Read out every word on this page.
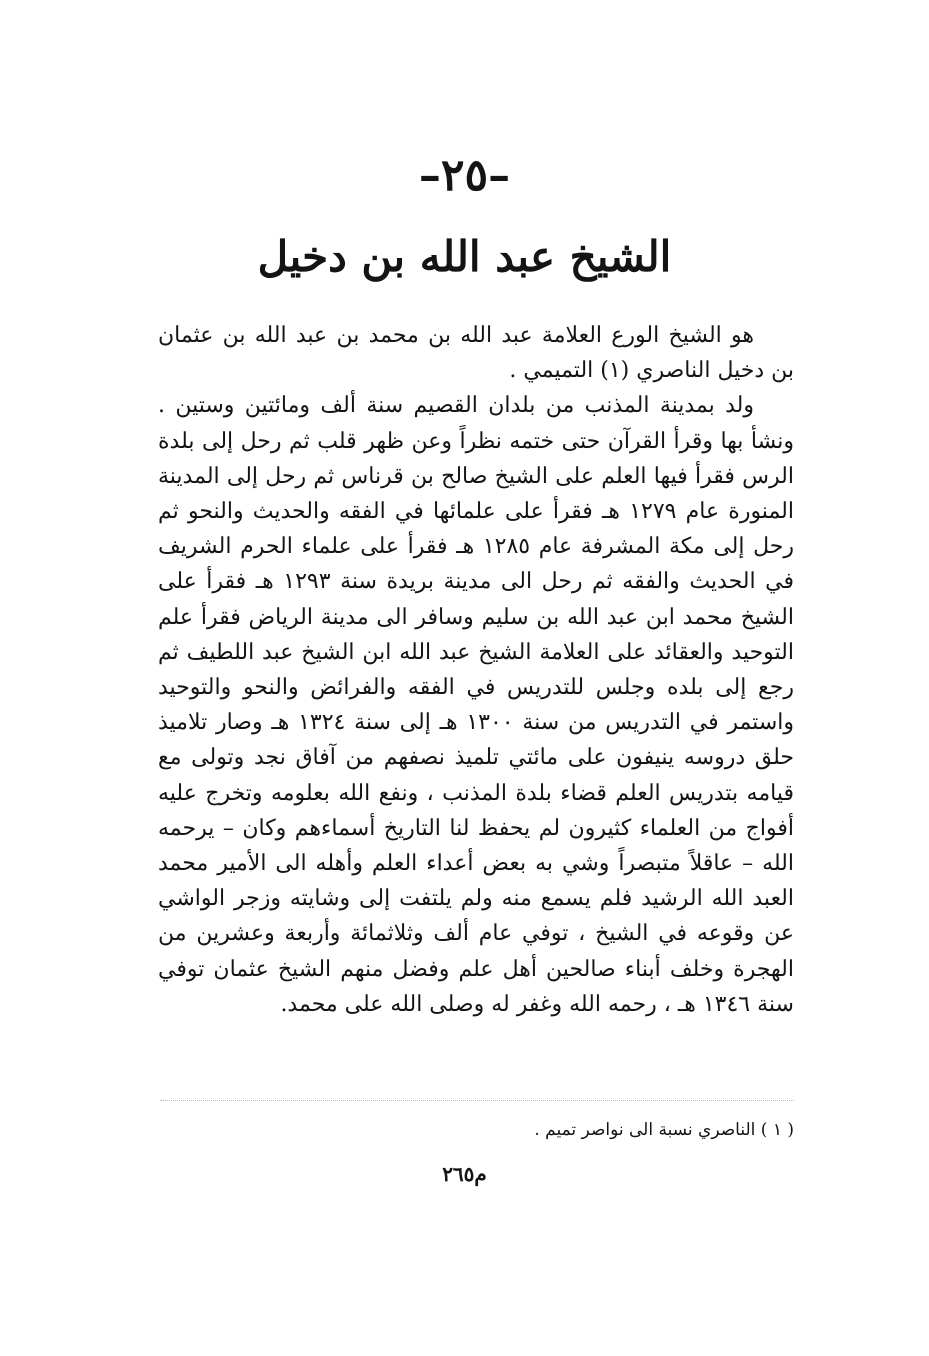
–٢٥–
الشيخ عبد الله بن دخيل

هو الشيخ الورع العلامة عبد الله بن محمد بن عبد الله بن عثمان بن دخيل الناصري (١) التميمي .

ولد بمدينة المذنب من بلدان القصيم سنة ألف ومائتين وستين . ونشأ بها وقرأ القرآن حتى ختمه نظراً وعن ظهر قلب ثم رحل إلى بلدة الرس فقرأ فيها العلم على الشيخ صالح بن قرناس ثم رحل إلى المدينة المنورة عام ١٢٧٩ هـ فقرأ على علمائها في الفقه والحديث والنحو ثم رحل إلى مكة المشرفة عام ١٢٨٥ هـ فقرأ على علماء الحرم الشريف في الحديث والفقه ثم رحل الى مدينة بريدة سنة ١٢٩٣ هـ فقرأ على الشيخ محمد ابن عبد الله بن سليم وسافر الى مدينة الرياض فقرأ علم التوحيد والعقائد على العلامة الشيخ عبد الله ابن الشيخ عبد اللطيف ثم رجع إلى بلده وجلس للتدريس في الفقه والفرائض والنحو والتوحيد واستمر في التدريس من سنة ١٣٠٠ هـ إلى سنة ١٣٢٤ هـ وصار تلاميذ حلق دروسه ينيفون على مائتي تلميذ نصفهم من آفاق نجد وتولى مع قيامه بتدريس العلم قضاء بلدة المذنب ، ونفع الله بعلومه وتخرج عليه أفواج من العلماء كثيرون لم يحفظ لنا التاريخ أسماءهم وكان – يرحمه الله – عاقلاً متبصراً وشي به بعض أعداء العلم وأهله الى الأمير محمد العبد الله الرشيد فلم يسمع منه ولم يلتفت إلى وشايته وزجر الواشي عن وقوعه في الشيخ ، توفي عام ألف وثلاثمائة وأربعة وعشرين من الهجرة وخلف أبناء صالحين أهل علم وفضل منهم الشيخ عثمان توفي سنة ١٣٤٦ هـ ، رحمه الله وغفر له وصلى الله على محمد.

( ١ ) الناصري نسبة الى نواصر تميم .
م٢٦٥
